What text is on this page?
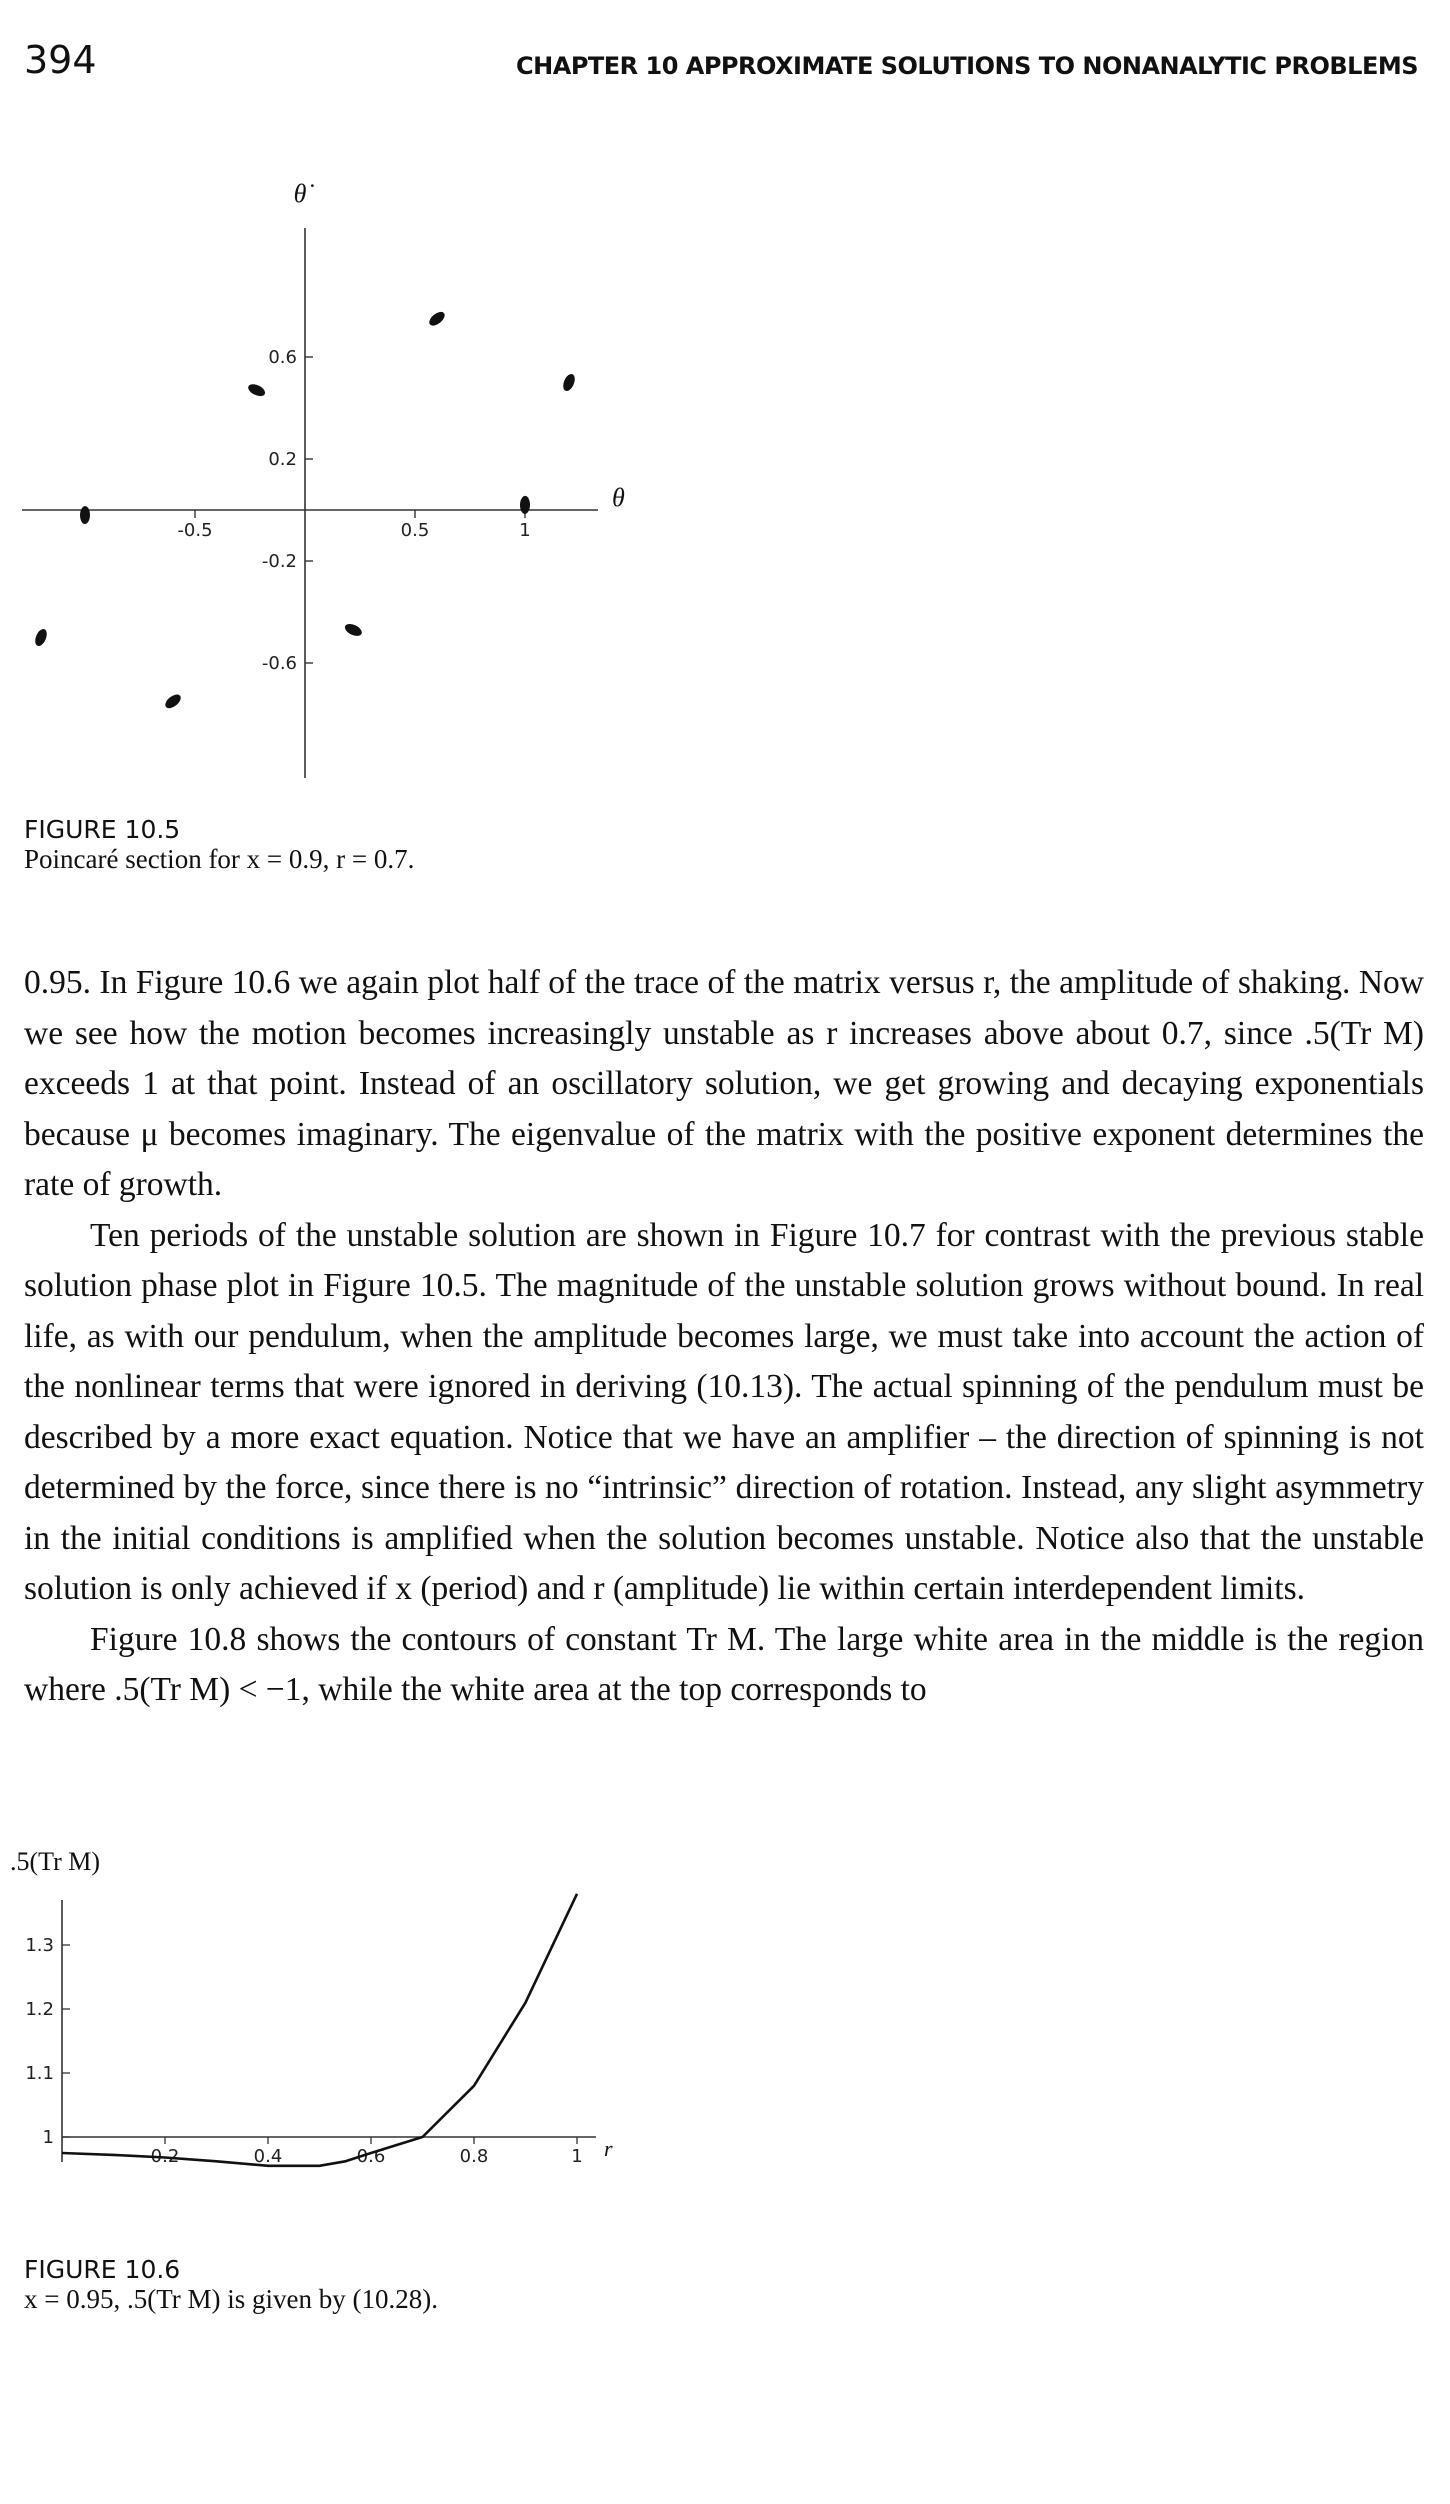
394	CHAPTER 10 APPROXIMATE SOLUTIONS TO NONANALYTIC PROBLEMS
-0.5	0.5	1
0.6
0.2
-0.2
-0.6
θ̇
θ
FIGURE 10.5
Poincaré section for x = 0.9, r = 0.7.

0.95. In Figure 10.6 we again plot half of the trace of the matrix versus r, the amplitude of shaking. Now we see how the motion becomes increasingly unstable as r increases above about 0.7, since .5(Tr M) exceeds 1 at that point. Instead of an oscillatory solution, we get growing and decaying exponentials because μ becomes imaginary. The eigenvalue of the matrix with the positive exponent determines the rate of growth.

Ten periods of the unstable solution are shown in Figure 10.7 for contrast with the previous stable solution phase plot in Figure 10.5. The magnitude of the unstable solution grows without bound. In real life, as with our pendulum, when the amplitude becomes large, we must take into account the action of the nonlinear terms that were ignored in deriving (10.13). The actual spinning of the pendulum must be described by a more exact equation. Notice that we have an amplifier – the direction of spinning is not determined by the force, since there is no “intrinsic” direction of rotation. Instead, any slight asymmetry in the initial conditions is amplified when the solution becomes unstable. Notice also that the unstable solution is only achieved if x (period) and r (amplitude) lie within certain interdependent limits.

Figure 10.8 shows the contours of constant Tr M. The large white area in the middle is the region where .5(Tr M) < −1, while the white area at the top corresponds to

.5(Tr M)
0.2	0.4	0.6	0.8	1
1
1.1
1.2
1.3
r
FIGURE 10.6
x = 0.95, .5(Tr M) is given by (10.28).
